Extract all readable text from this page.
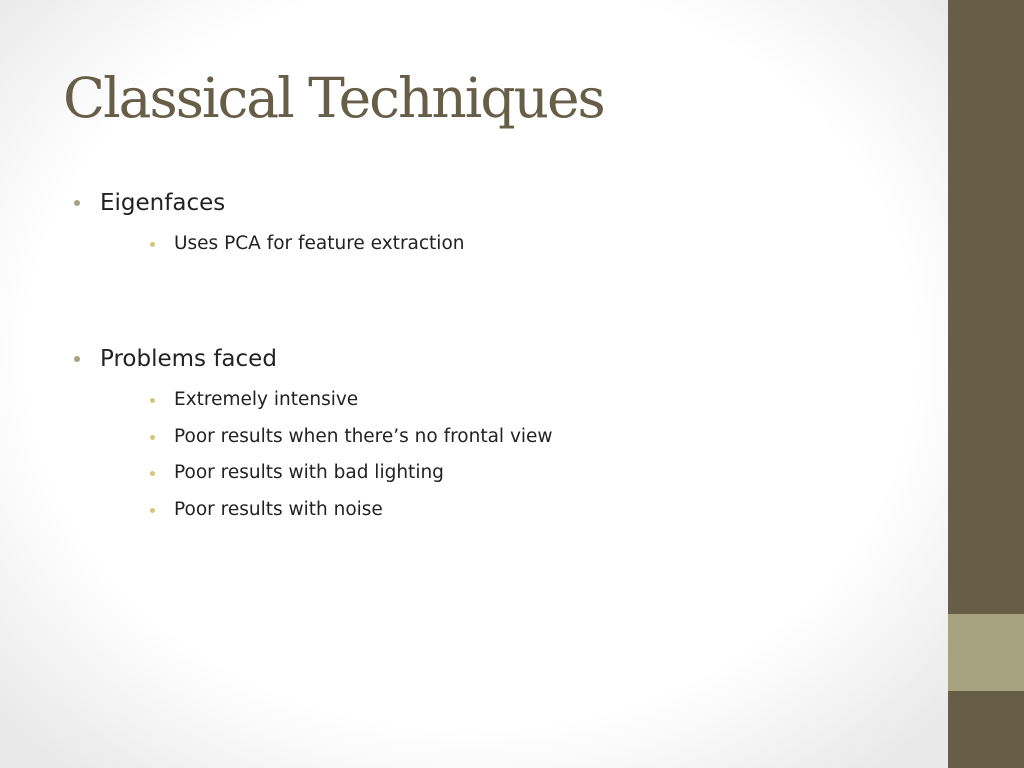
Classical Techniques
Eigenfaces
Uses PCA for feature extraction
Problems faced
Extremely intensive
Poor results when there’s no frontal view
Poor results with bad lighting
Poor results with noise
